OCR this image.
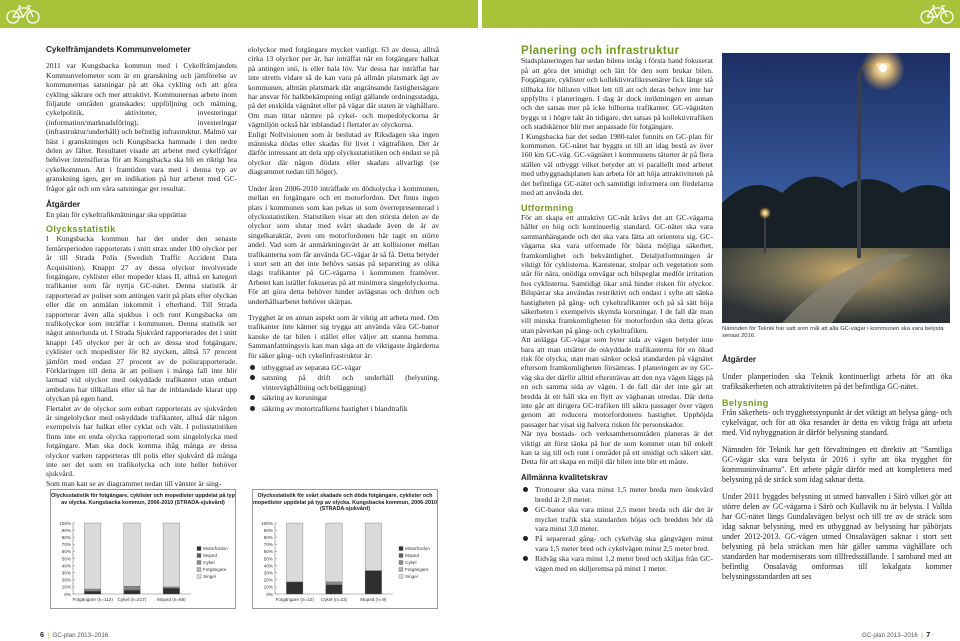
Cykelfrämjandets Kommunvelometer

2011 var Kungsbacka kommun med i Cykelfrämjandets Kommunvelometer som är en granskning och jämförelse av kommunernas satsningar på att öka cykling och att göra cykling säkrare och mer attraktivt. Kommunernas arbete inom följande områden granskades: uppföljning och mätning, cykelpolitik, aktiviteter, investeringar (information/marknadsföring), investeringar (infrastruktur/underhåll) och befintlig infrastruktur. Malmö var bäst i granskningen och Kungsbacka hamnade i den nedre delen av fältet. Resultatet visade att arbetet med cykelfrågor behöver intensifieras för att Kungsbacka ska bli en riktigt bra cykelkommun. Att i framtiden vara med i denna typ av granskning igen, ger en indikation på hur arbetet med GC-frågor går och om våra satsningar ger resultat.

Åtgärder

En plan för cykeltrafikmätningar ska upprättas

Olycksstatistik

I Kungsbacka kommun har det under den senaste femårsperioden rapporterats i snitt strax under 100 olyckor per år till Strada Polis (Swedish Traffic Accident Data Acquisition). Knappt 27 av dessa olyckor involverade fotgängare, cyklister eller mopeder klass II, alltså en kategori trafikanter som får nyttja GC-nätet. Denna statistik är rapporterad av poliser som antingen varit på plats efter olyckan eller där en anmälan inkommit i efterhand. Till Strada rapporterar även alla sjukhus i och runt Kungsbacka om trafikolyckor som inträffar i kommunen. Denna statistik ser något annorlunda ut. I Strada Sjukvård rapporterades det i snitt knappt 145 olyckor per år och av dessa stod fotgängare, cyklister och mopedister för 82 stycken, alltså 57 procent jämfört med endast 27 procent av de polisrapporterade. Förklaringen till detta är att polisen i många fall inte blir larmad vid olyckor med oskyddade trafikanter utan enbart ambulans har tillkallats eller så har de inblandade klarat upp olyckan på egen hand.

Flertalet av de olyckor som enbart rapporterats av sjukvården är singelolyckor med oskyddade trafikanter, alltså där någon exempelvis har halkat eller cyklat och vält. I polisstatistiken finns inte en enda olycka rapporterad som singelolycka med fotgängare. Man ska dock komma ihåg många av dessa olyckor varken rapporteras till polis eller sjukvård då många inte ser det som en trafikolycka och inte heller behöver sjukvård.

Som man kan se av diagrammet nedan till vänster är sing-

elolyckor med fotgängare mycket vanligt. 63 av dessa, alltså cirka 13 olyckor per år, har inträffat när en fotgängare halkat på antingen snö, is eller hala löv. Var dessa har inträffat har inte utretts vidare så de kan vara på allmän platsmark ägt av kommunen, allmän platsmark där angränsande fastighetsägare har ansvar för halkbekämpning enligt gällande ordningsstadga, på det enskilda vägnätet eller på vägar där staten är väghållare. Om man tittar närmre på cykel- och mopedolyckorna är vägmiljön också här inblandad i flertalet av olyckorna.

Enligt Nollvisionen som år beslutad av Riksdagen ska ingen människa dödas eller skadas för livet i vägtrafiken. Det är därför intressant att dela upp olycksstatistiken och endast se på olyckor där någon dödats eller skadats allvarligt (se diagrammet nedan till höger).

Under åren 2006-2010 inträffade en dödsolycka i kommunen, mellan en fotgängare och ett motorfordon. Det finns ingen plats i kommunen som kan pekas ut som överrepresenterad i olycksstatistiken. Statistiken visar att den största delen av de olyckor som slutar med svårt skadade även de är av singelkaraktär, även om motorfordonen här tagit en större andel. Vad som är anmärkningsvärt är att kollisioner mellan trafikanterna som får använda GC-vägar är så få. Detta betyder i stort sett att det inte behövs satsas på separering av olika slags trafikanter på GC-vägarna i kommunen framöver. Arbetet kan istället fokuseras på att minimera singelolyckorna. För att göra detta behöver hinder avlägsnas och driften och underhållsarbetet behöver skärpas.

Trygghet är en annan aspekt som är viktig att arbeta med. Om trafikanter inte känner sig trygga att använda våra GC-banor kanske de tar bilen i stället eller väljer att stanna hemma. Sammanfattningsvis kan man säga att de viktigaste åtgärderna för säker gång- och cykelinfrastruktur är:

utbyggnad av separata GC-vägar
satsning på drift och underhåll (belysning, vinterväghållning och beläggning)
säkring av korsningar
säkring av motortrafikens hastighet i blandtrafik
Olycksstatistik för fotgängare, cyklister och mopedister uppdelat på typ av olycka. Kungsbacka kommun, 2006-2010 (STRADA-sjukvård)
0%
10%
20%
30%
40%
50%
60%
70%
80%
90%
100%
Fotgängare (n=112) Cykel (n=217) Moped (n=65)
Motorfordon
Moped
Cykel
Fotgängare
Singel
Olycksstatistik för svårt skadade och döda fotgängare, cyklister och mopedister uppdelat på typ av olycka. Kungsbacka kommun, 2006-2010 (STRADA-sjukvård)
0%
10%
20%
30%
40%
50%
60%
70%
80%
90%
100%
Fotgängare (n=12) Cykel (n=23)	Moped (n=9)
Motorfordon
Moped
Cykel
Fotgängare
Singel
6  |  GC-plan 2013–2016
Planering och infrastruktur

Stadsplaneringen har sedan bilens intåg i första hand fokuserat på att göra det smidigt och lätt för den som brukar bilen. Fotgängare, cyklister och kollektivtrafikresenärer fick länge stå tillbaka för bilisten vilket lett till att och deras behov inte har uppfyllts i planeringen. I dag är dock inriktningen en annan och det satsas mer på icke bilburna trafikanter. GC-vägnäten byggs ut i högre takt än tidigare, det satsas på kollektivtrafiken och stadskärnor blir mer anpassade för fotgängare.

I Kungsbacka har det sedan 1980-talet funnits en GC-plan för kommunen. GC-nätet har byggts ut till att idag bestå av över 160 km GC-väg. GC-vägnätet i kommunens tätorter är på flera ställen väl utbyggt vilket betyder att vi parallellt med arbetet med utbyggnadsplanen kan arbeta för att höja attraktiviteten på det befintliga GC-nätet och samtidigt informera om fördelarna med att använda det.

Utformning

För att skapa ett attraktivt GC-nät krävs det att GC-vägarna håller en hög och kontinuerlig standard. GC-nätet ska vara sammanhängande och det ska vara lätta att orientera sig. GC-vägarna ska vara utformade för bästa möjliga säkerhet, framkomlighet och bekvämlighet. Detaljutformningen är viktigt för cyklisterna. Kantstenar, stolpar och vegetation som står för nära, onödiga omvägar och bilspeglar medför irritation hos cyklisterna. Samtidigt ökar små hinder risken för olyckor. Bilspärrar ska användas restriktivt och endast i syfte att sänka hastigheten på gång- och cykeltrafikanter och på så sätt höja säkerheten i exempelvis skymda korsningar. I de fall där man vill minska framkomligheten för motorfordon ska detta göras utan påverkan på gång- och cykeltrafiken.

Att anlägga GC-vägar som byter sida av vägen betyder inte bara att man utsätter de oskyddade trafikanterna för en ökad risk för olycka, utan man sänker också standarden på vägnätet eftersom framkomligheten försämras. I planeringen av ny GC-väg ska det därför alltid eftersträvas att den nya vägen läggs på en och samma sida av vägen. I de fall där det inte går att bredda åt ett håll ska en flytt av vägbanan utredas. Där detta inte går att dirigera GC-trafiken till säkra passager över vägen genom att reducera motorfordonens hastighet. Upphöjda passager har visat sig halvera risken för personskador.

När nya bostads- och verksamhetsområden planeras är det viktigt att först tänka på hur de som kommer utan bil enkelt kan ta sig till och runt i området på ett smidigt och säkert sätt. Detta för att skapa en miljö där bilen inte blir ett måste.

Allmänna kvalitetskrav
Trottoarer ska vara minst 1,5 meter breda men önskvärd bredd är 2,0 meter.
GC-banor ska vara minst 2,5 meter breda och där det är mycket trafik ska standarden höjas och bredden bör då vara minst 3,0 meter.
På separerad gång- och cykelväg ska gångvägen minst vara 1,5 meter bred och cykelvägen minst 2,5 meter bred.
Ridväg ska vara minst 1,2 meter bred och skiljas från GC-vägen med en skiljeremsa på minst 1 meter.
Nämnden för Teknik har satt som mål att alla GC-vägar i kommunen ska vara belysta senast 2016.
Åtgärder

Under planperioden ska Teknik kontinuerligt arbeta för att öka trafiksäkerheten och attraktiviteten på det befintliga GC-nätet.

Belysning

Från säkerhets- och trygghetssynpunkt är det viktigt att belysa gång- och cykelvägar, och för att öka resandet är detta en viktig fråga att arbeta med. Vid nybyggnation är därför belysning standard.

Nämnden för Teknik har gett förvaltningen ett direktiv att "Samtliga GC-vägar ska vara belysta år 2016 i syfte att öka trygghet för kommuninvånarna". Ett arbete pågår därför med att komplettera med belysning på de sträck som idag saknar detta.

Under 2011 byggdes belysning ut utmed banvallen i Särö vilket gör att större delen av GC-vägarna i Särö och Kullavik nu är belysta. I Vallda har GC-nätet längs Gundalavägen belyst och till tre av de sträck som idag saknar belysning, med en utbyggnad av belysning har påbörjats under 2012-2013. GC-vägen utmed Onsalavägen saknar i stort sett belysning på hela sträckan men här gäller samma väghållare och standarden har moderniserats som tillfredsställande. I samband med att befintlig Onsalaväg omformas till lokalgata kommer belysningsstandarden att ses

GC-plan 2013–2016  |  7
